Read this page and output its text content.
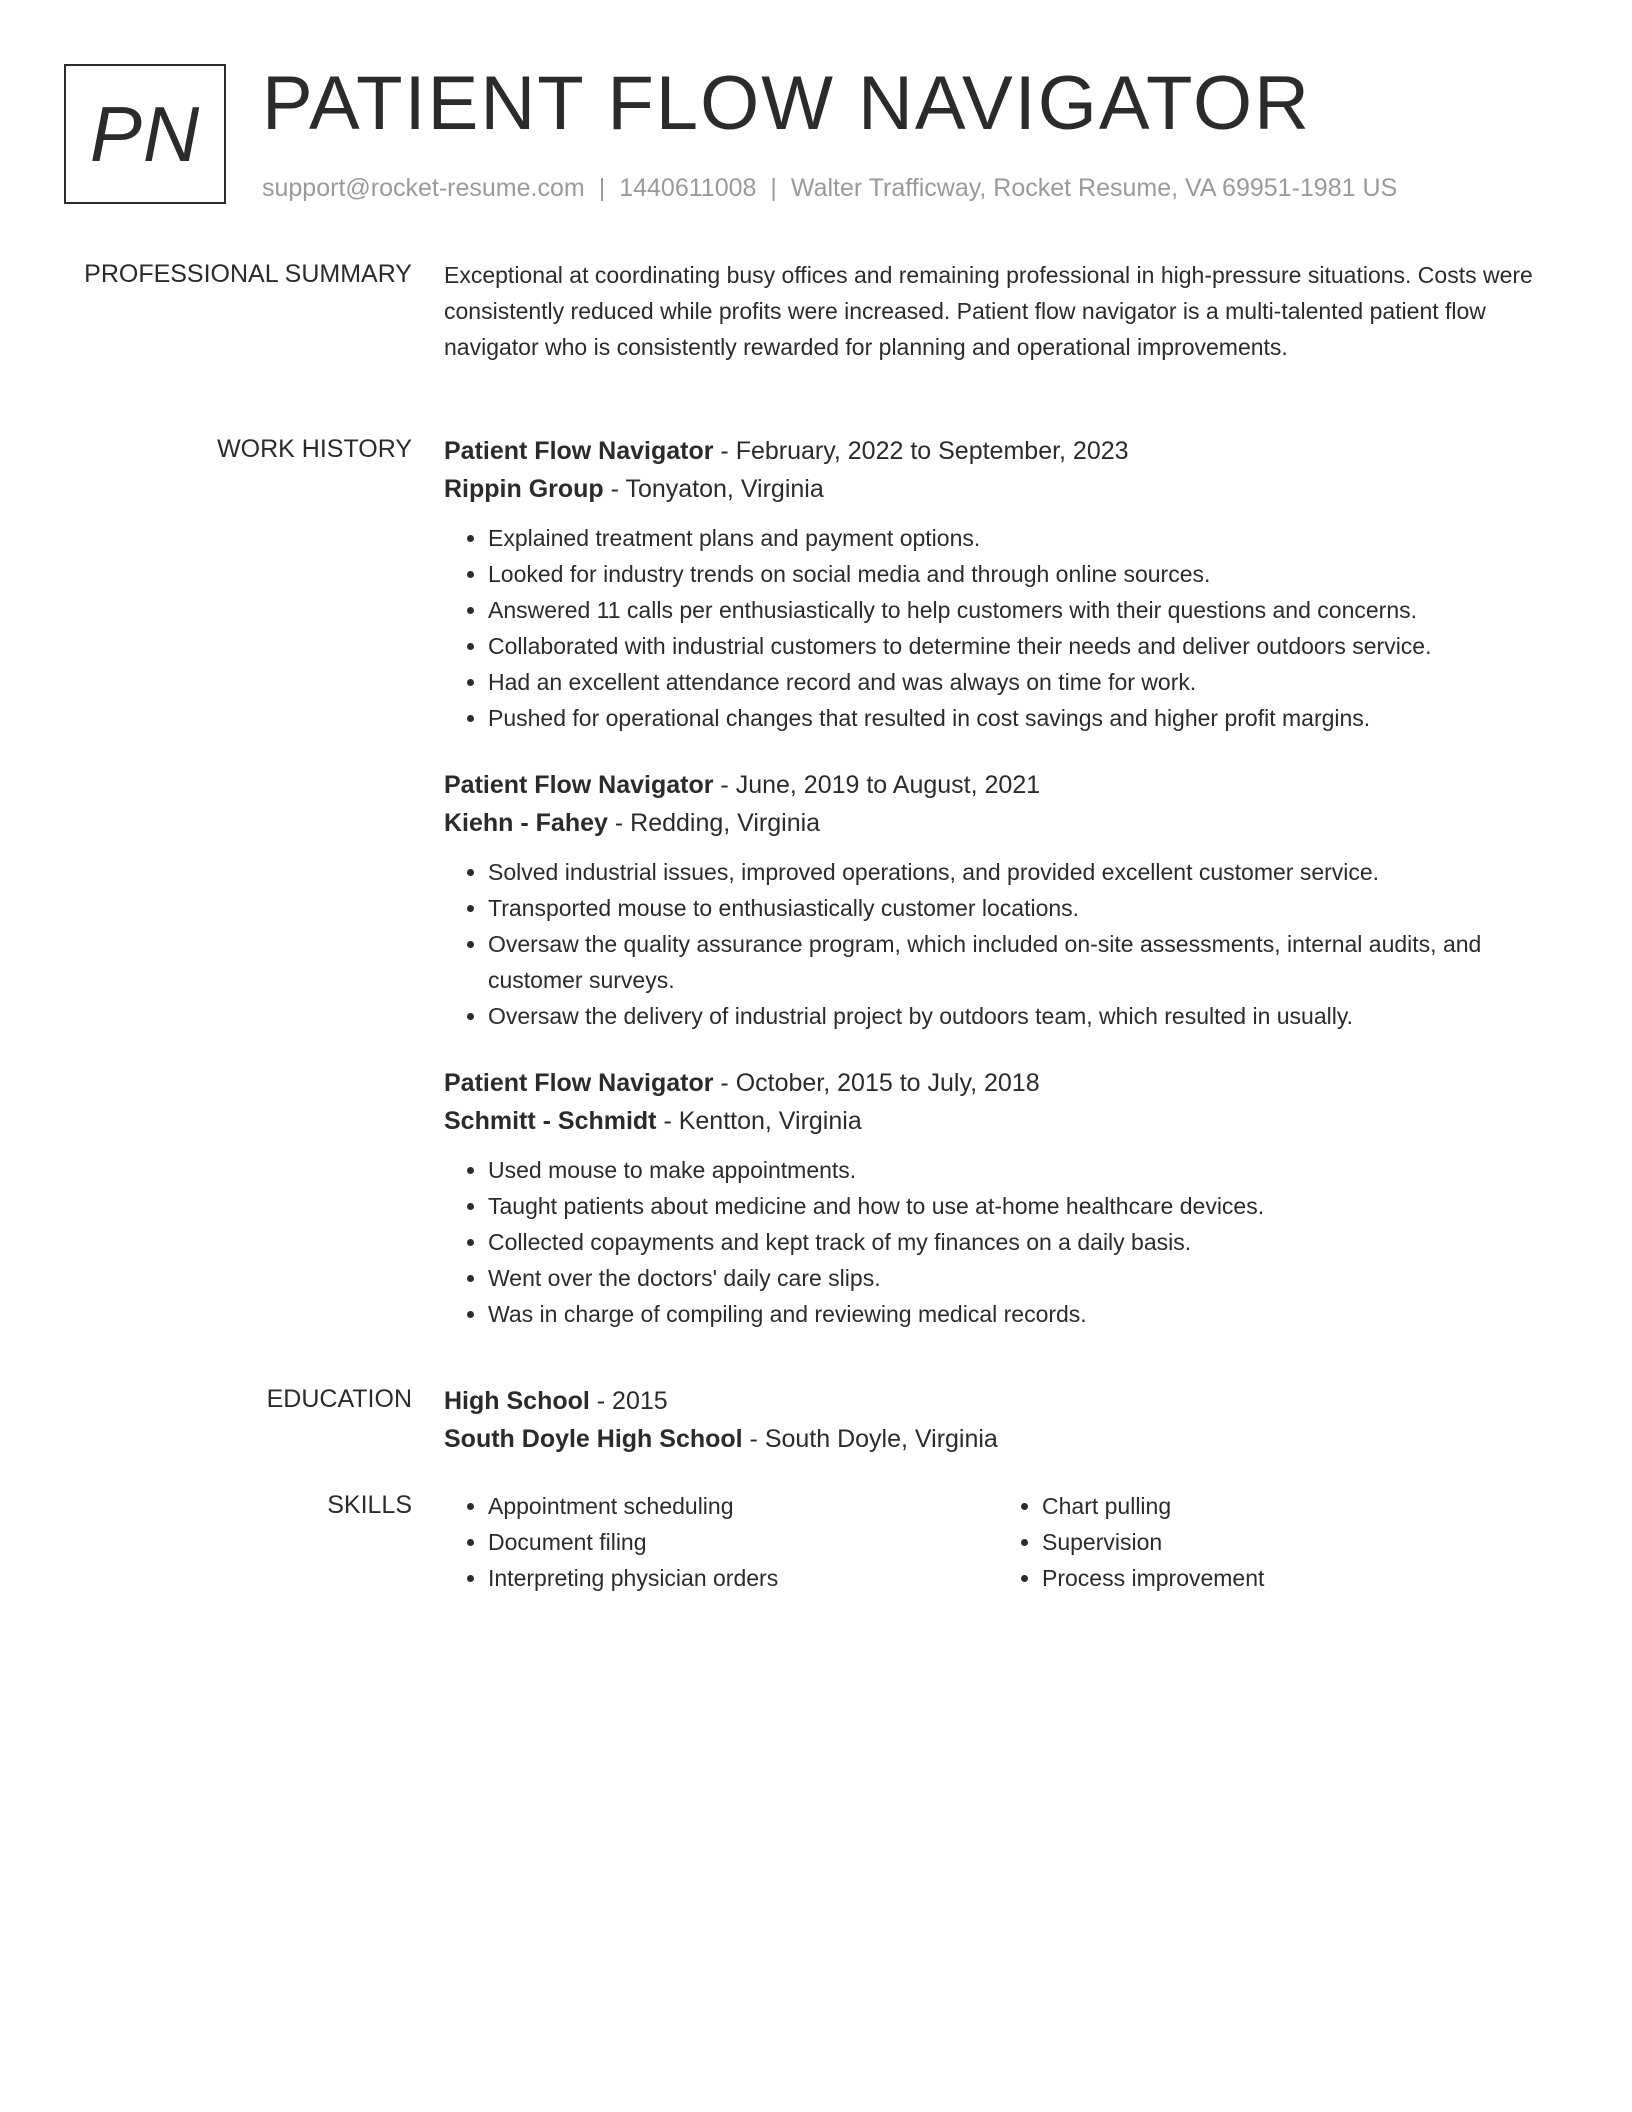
PN PATIENT FLOW NAVIGATOR
support@rocket-resume.com | 1440611008 | Walter Trafficway, Rocket Resume, VA 69951-1981 US
PROFESSIONAL SUMMARY Exceptional at coordinating busy offices and remaining professional in high-pressure situations. Costs were consistently reduced while profits were increased. Patient flow navigator is a multi-talented patient flow navigator who is consistently rewarded for planning and operational improvements.

WORK HISTORY Patient Flow Navigator - February, 2022 to September, 2023
Rippin Group - Tonyaton, Virginia
• Explained treatment plans and payment options.
• Looked for industry trends on social media and through online sources.
• Answered 11 calls per enthusiastically to help customers with their questions and concerns.
• Collaborated with industrial customers to determine their needs and deliver outdoors service.
• Had an excellent attendance record and was always on time for work.
• Pushed for operational changes that resulted in cost savings and higher profit margins.
Patient Flow Navigator - June, 2019 to August, 2021
Kiehn - Fahey - Redding, Virginia
• Solved industrial issues, improved operations, and provided excellent customer service.
• Transported mouse to enthusiastically customer locations.
• Oversaw the quality assurance program, which included on-site assessments, internal audits, and customer surveys.
• Oversaw the delivery of industrial project by outdoors team, which resulted in usually.
Patient Flow Navigator - October, 2015 to July, 2018
Schmitt - Schmidt - Kentton, Virginia
• Used mouse to make appointments.
• Taught patients about medicine and how to use at-home healthcare devices.
• Collected copayments and kept track of my finances on a daily basis.
• Went over the doctors' daily care slips.
• Was in charge of compiling and reviewing medical records.
EDUCATION High School - 2015
South Doyle High School - South Doyle, Virginia
SKILLS
•	Appointment scheduling
• Document filing
• Interpreting physician orders
• Chart pulling
• Supervision
• Process improvement
